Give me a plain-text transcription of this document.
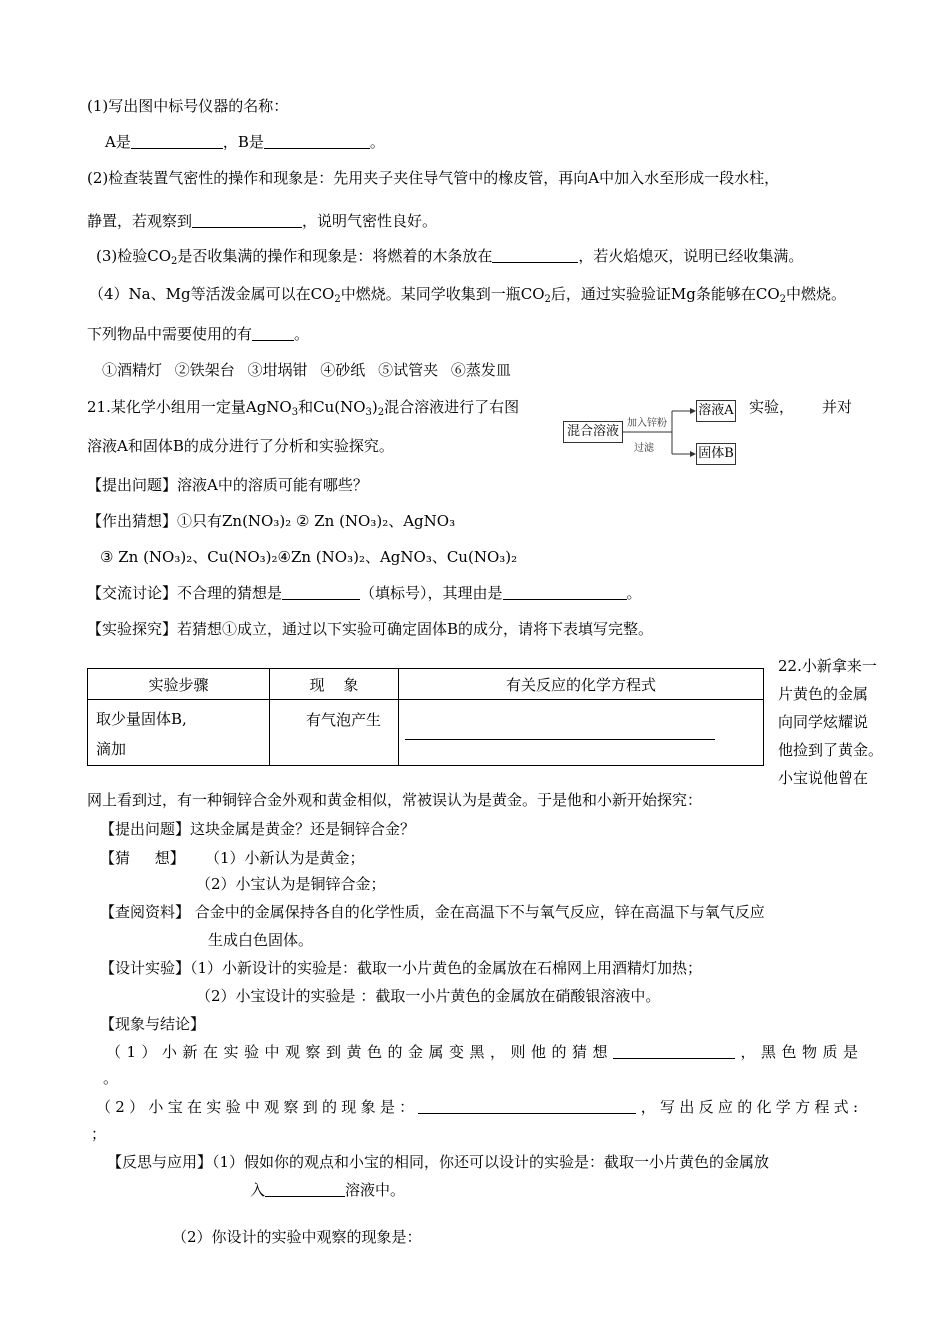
(1)写出图中标号仪器的名称：
A是	，B是	。
(2)检查装置气密性的操作和现象是：先用夹子夹住导气管中的橡皮管，再向A中加入水至形成一段水柱，
静置，若观察到	，说明气密性良好。
(3)检验$CO_2$是否收集满的操作和现象是：将燃着的木条放在	，若火焰熄灭，说明已经收集满。
（4）Na、Mg等活泼金属可以在$CO_2$中燃烧。某同学收集到一瓶$CO_2$后，通过实验验证Mg条能够在$CO_2$中燃烧。
下列物品中需要使用的有	。
①酒精灯 ②铁架台 ③坩埚钳 ④砂纸 ⑤试管夹 ⑥蒸发皿
21.某化学小组用一定量AgNO$_3$和$Cu(NO_3)_2$混合溶液进行了右图	实验， 并对
溶液A和固体B的成分进行了分析和实验探究。
混合溶液
加入锌粉
过滤
溶液A
固体B
【提出问题】溶液A中的溶质可能有哪些？
【作出猜想】①只有Zn(NO₃)₂ ② Zn (NO₃)₂、AgNO₃
③ Zn (NO₃)₂、Cu(NO₃)₂④Zn (NO₃)₂、AgNO₃、Cu(NO₃)₂
【交流讨论】不合理的猜想是	（填标号），其理由是	。
【实验探究】若猜想①成立，通过以下实验可确定固体B的成分，请将下表填写完整。
实验步骤	现 象	有关反应的化学方程式

取少量固体B,
滴加	有气泡产生	
22.小新拿来一
片黄色的金属
向同学炫耀说
他捡到了黄金。
小宝说他曾在
网上看到过，有一种铜锌合金外观和黄金相似，常被误认为是黄金。于是他和小新开始探究：
【提出问题】这块金属是黄金？还是铜锌合金？
【猜 想】 （1）小新认为是黄金；
（2）小宝认为是铜锌合金；
【查阅资料】 合金中的金属保持各自的化学性质，金在高温下不与氧气反应，锌在高温下与氧气反应
生成白色固体。
【设计实验】（1）小新设计的实验是：截取一小片黄色的金属放在石棉网上用酒精灯加热；
（2）小宝设计的实验是 ：截取一小片黄色的金属放在硝酸银溶液中。
【现象与结论】
（1）小新在实验中观察到黄色的金属变黑，则他的猜想	，黑色物质是
。
（2）小宝在实验中观察到的现象是：	，写出反应的化学方程式:
；
【反思与应用】（1）假如你的观点和小宝的相同，你还可以设计的实验是：截取一小片黄色的金属放
入	溶液中。
（2）你设计的实验中观察的现象是：
